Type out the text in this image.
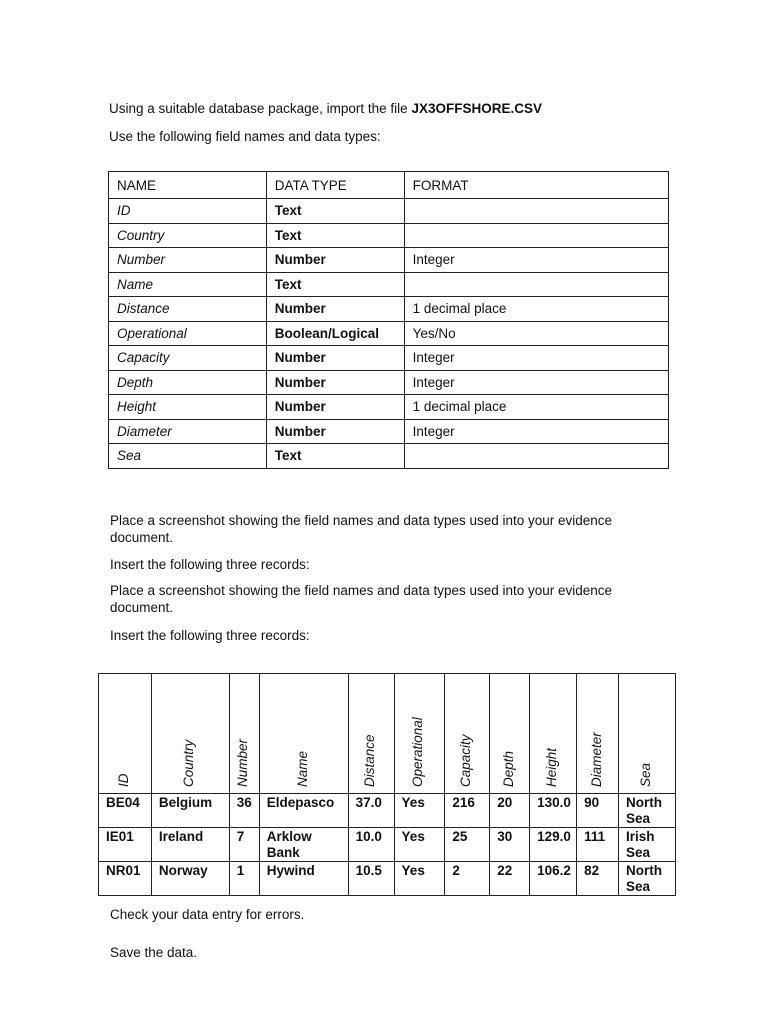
Using a suitable database package, import the file JX3OFFSHORE.CSV

Use the following field names and data types:

NAME	DATA TYPE	FORMAT
ID	Text	
Country	Text	
Number	Number	Integer
Name	Text	
Distance	Number	1 decimal place
Operational	Boolean/Logical	Yes/No
Capacity	Number	Integer
Depth	Number	Integer
Height	Number	1 decimal place
Diameter	Number	Integer
Sea	Text	

Place a screenshot showing the field names and data types used into your evidence document.

Insert the following three records:

Place a screenshot showing the field names and data types used into your evidence document.

Insert the following three records:

ID	Country	Number	Name	Distance	Operational	Capacity	Depth	Height	Diameter	Sea

BE04	Belgium	36	Eldepasco	37.0	Yes	216	20	130.0	90	North Sea
IE01	Ireland	7	Arklow Bank	10.0	Yes	25	30	129.0	111	Irish Sea
NR01	Norway	1	Hywind	10.5	Yes	2	22	106.2	82	North Sea

Check your data entry for errors.

Save the data.
